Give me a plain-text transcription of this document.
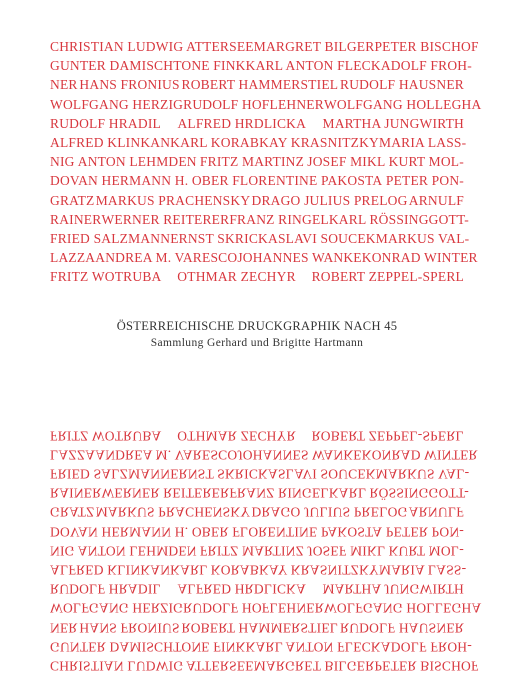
CHRISTIAN LUDWIG ATTERSEE MARGRET BILGER PETER BISCHOF
GUNTER DAMISCH TONE FINK KARL ANTON FLECK ADOLF FROH-
NER HANS FRONIUS ROBERT HAMMERSTIEL RUDOLF HAUSNER
WOLFGANG HERZIG RUDOLF HOFLEHNER WOLFGANG HOLLEGHA
RUDOLF HRADIL ALFRED HRDLICKA MARTHA JUNGWIRTH
ALFRED KLINKAN KARL KORAB KAY KRASNITZKY MARIA LASS-
NIG ANTON LEHMDEN FRITZ MARTINZ JOSEF MIKL KURT MOL-
DOVAN HERMANN H. OBER FLORENTINE PAKOSTA PETER PON-
GRATZ MARKUS PRACHENSKY DRAGO JULIUS PRELOG ARNULF
RAINER WERNER REITERER FRANZ RINGEL KARL RÖSSING GOTT-
FRIED SALZMANN ERNST SKRICKA SLAVI SOUCEK MARKUS VAL-
LAZZA ANDREA M. VARESCO JOHANNES WANKE KONRAD WINTER
FRITZ WOTRUBA OTHMAR ZECHYR ROBERT ZEPPEL-SPERL
ÖSTERREICHISCHE DRUCKGRAPHIK NACH 45
Sammlung Gerhard und Brigitte Hartmann
CHRISTIAN LUDWIG ATTERSEE MARGRET BILGER PETER BISCHOF
GUNTER DAMISCH TONE FINK KARL ANTON FLECK ADOLF FROH-
NER HANS FRONIUS ROBERT HAMMERSTIEL RUDOLF HAUSNER
WOLFGANG HERZIG RUDOLF HOFLEHNER WOLFGANG HOLLEGHA
RUDOLF HRADIL ALFRED HRDLICKA MARTHA JUNGWIRTH
ALFRED KLINKAN KARL KORAB KAY KRASNITZKY MARIA LASS-
NIG ANTON LEHMDEN FRITZ MARTINZ JOSEF MIKL KURT MOL-
DOVAN HERMANN H. OBER FLORENTINE PAKOSTA PETER PON-
GRATZ MARKUS PRACHENSKY DRAGO JULIUS PRELOG ARNULF
RAINER WERNER REITERER FRANZ RINGEL KARL RÖSSING GOTT-
FRIED SALZMANN ERNST SKRICKA SLAVI SOUCEK MARKUS VAL-
LAZZA ANDREA M. VARESCO JOHANNES WANKE KONRAD WINTER
FRITZ WOTRUBA OTHMAR ZECHYR ROBERT ZEPPEL-SPERL
